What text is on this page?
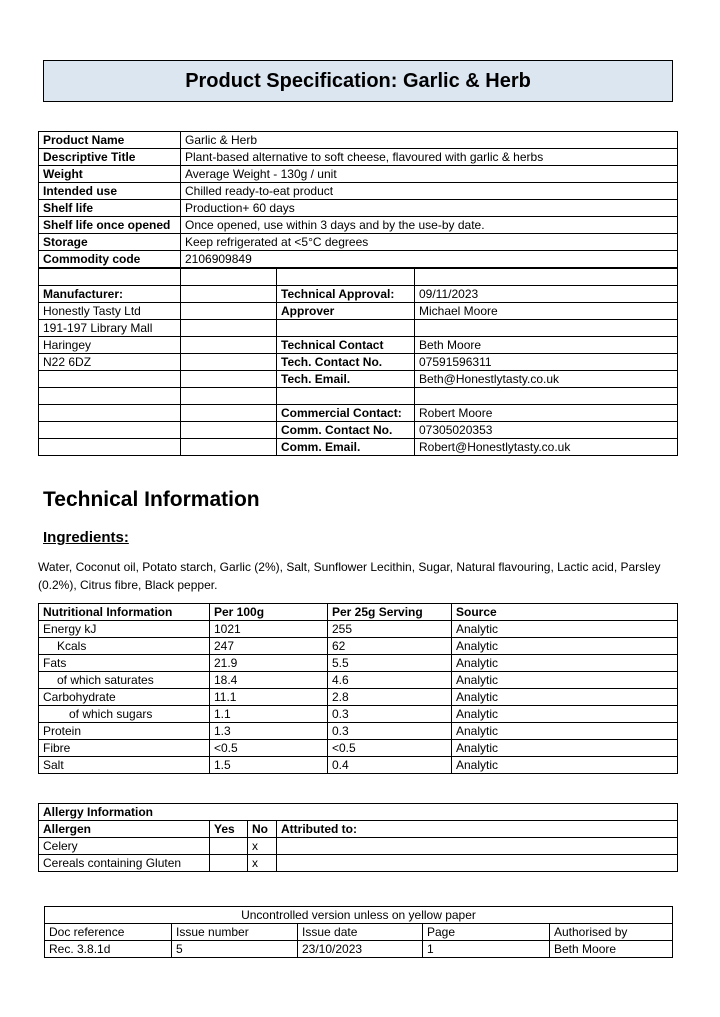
Product Specification: Garlic & Herb
Product Name	Garlic & Herb
Descriptive Title	Plant-based alternative to soft cheese, flavoured with garlic & herbs
Weight	Average Weight - 130g / unit
Intended use	Chilled ready-to-eat product
Shelf life	Production+ 60 days
Shelf life once opened	Once opened, use within 3 days and by the use-by date.
Storage	Keep refrigerated at <5°C degrees
Commodity code	2106909849

Manufacturer:		Technical Approval:	09/11/2023
Honestly Tasty Ltd		Approver	Michael Moore
191-197 Library Mall			
Haringey		Technical Contact	Beth Moore
N22 6DZ		Tech. Contact No.	07591596311
		Tech. Email.	Beth@Honestlytasty.co.uk

		Commercial Contact:	Robert Moore
		Comm. Contact No.	07305020353
		Comm. Email.	Robert@Honestlytasty.co.uk
Technical Information
Ingredients:
Water, Coconut oil, Potato starch, Garlic (2%), Salt, Sunflower Lecithin, Sugar, Natural flavouring, Lactic acid, Parsley (0.2%), Citrus fibre, Black pepper.
Nutritional Information	Per 100g	Per 25g Serving	Source
Energy kJ	1021	255	Analytic
Kcals	247	62	Analytic
Fats	21.9	5.5	Analytic
of which saturates	18.4	4.6	Analytic
Carbohydrate	11.1	2.8	Analytic
of which sugars	1.1	0.3	Analytic
Protein	1.3	0.3	Analytic
Fibre	<0.5	<0.5	Analytic
Salt	1.5	0.4	Analytic
Allergy Information			
Allergen	Yes	No	Attributed to:
Celery		x	
Cereals containing Gluten		x	
Uncontrolled version unless on yellow paper				
Doc reference	Issue number	Issue date	Page	Authorised by
Rec. 3.8.1d	5	23/10/2023	1	Beth Moore
